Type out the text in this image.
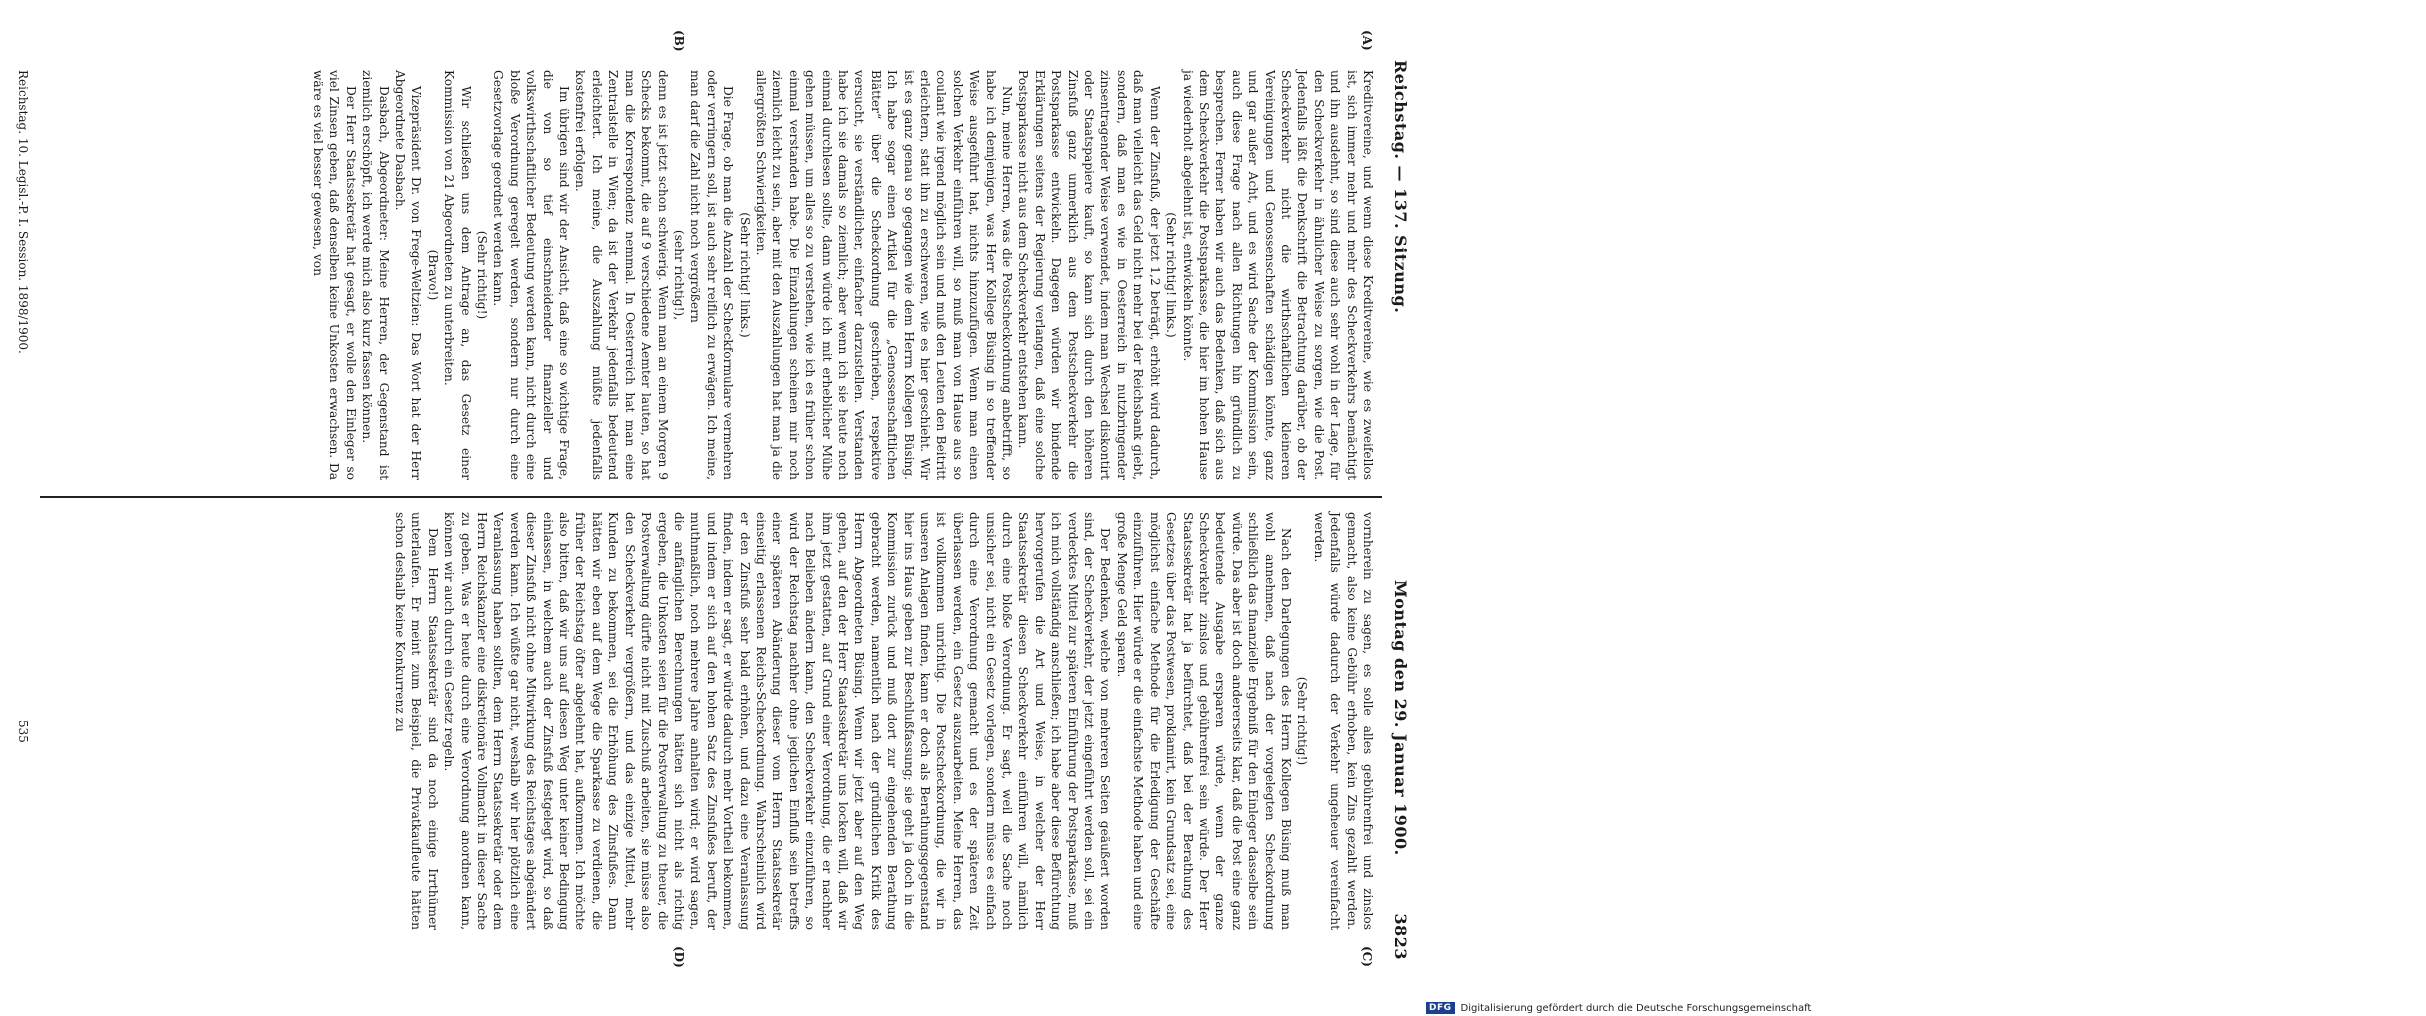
Reichstag. — 137. Sitzung.
Montag den 29. Januar 1900.
3823
(A)
(B)
(C)
(D)

Kreditvereine, und wenn diese Kreditvereine, wie es zweifellos ist, sich immer mehr und mehr des Scheckverkehrs bemächtigt und ihn ausdehnt, so sind diese auch sehr wohl in der Lage, für den Scheckverkehr in ähnlicher Weise zu sorgen, wie die Post. Jedenfalls läßt die Denkschrift die Betrachtung darüber, ob der Scheckverkehr nicht die wirthschaftlichen kleineren Vereinigungen und Genossenschaften schädigen könnte, ganz und gar außer Acht, und es wird Sache der Kommission sein, auch diese Frage nach allen Richtungen hin gründlich zu besprechen. Ferner haben wir auch das Bedenken, daß sich aus dem Scheckverkehr die Postsparkasse, die hier im hohen Hause ja wiederholt abgelehnt ist, entwickeln könnte.

(Sehr richtig! links.)

Wenn der Zinsfuß, der jetzt 1,2 beträgt, erhöht wird dadurch, daß man vielleicht das Geld nicht mehr bei der Reichsbank giebt, sondern, daß man es wie in Oesterreich in nutzbringender zinsentragender Weise verwendet, indem man Wechsel diskontirt oder Staatspapiere kauft, so kann sich durch den höheren Zinsfuß ganz unmerklich aus dem Postscheckverkehr die Postsparkasse entwickeln. Dagegen würden wir bindende Erklärungen seitens der Regierung verlangen, daß eine solche Postsparkasse nicht aus dem Scheckverkehr entstehen kann.

Nun, meine Herren, was die Postscheckordnung anbetrifft, so habe ich demjenigen, was Herr Kollege Büsing in so treffender Weise ausgeführt hat, nichts hinzuzufügen. Wenn man einen solchen Verkehr einführen will, so muß man von Hause aus so coulant wie irgend möglich sein und muß den Leuten den Beitritt erleichtern, statt ihn zu erschweren, wie es hier geschieht. Wir ist es ganz genau so gegangen wie dem Herrn Kollegen Büsing. Ich habe sogar einen Artikel für die „Genossenschaftlichen Blätter“ über die Scheckordnung geschrieben, respektive versucht, sie verständlicher, einfacher darzustellen. Verstanden habe ich sie damals so ziemlich; aber wenn ich sie heute noch einmal durchlesen sollte, dann würde ich mit erheblicher Mühe gehen müssen, um alles so zu verstehen, wie ich es früher schon einmal verstanden habe. Die Einzahlungen scheinen mir noch ziemlich leicht zu sein, aber mit den Auszahlungen hat man ja die allergrößten Schwierigkeiten.

(Sehr richtig! links.)

Die Frage, ob man die Anzahl der Scheckformulare vermehren oder verringern soll, ist auch sehr reiflich zu erwägen. Ich meine, man darf die Zahl nicht noch vergrößern

(sehr richtig!),

denn es ist jetzt schon schwierig. Wenn man an einem Morgen 9 Schecks bekommt, die auf 9 verschiedene Aemter lauten, so hat man die Korrespondenz nemmal. In Oesterreich hat man eine Zentralstelle in Wien; da ist der Verkehr jedenfalls bedeutend erleichtert. Ich meine, die Auszahlung müßte jedenfalls kostenfrei erfolgen.

Im übrigen sind wir der Ansicht, daß eine so wichtige Frage, die von so tief einschneidender finanzieller und volkswirthschaftlicher Bedeutung werden kann, nicht durch eine bloße Verordnung geregelt werden, sondern nur durch eine Gesetzvorlage geordnet werden kann.

(Sehr richtig!)

Wir schließen uns dem Antrage an, das Gesetz einer Kommission von 21 Abgeordneten zu unterbreiten.

(Bravo!)

Vizepräsident Dr. von Frege-Weltzien: Das Wort hat der Herr Abgeordnete Dasbach.

Dasbach, Abgeordneter: Meine Herren, der Gegenstand ist ziemlich erschöpft, ich werde mich also kurz fassen können.

Der Herr Staatssekretär hat gesagt, er wolle den Einleger so viel Zinsen geben, daß denselben keine Unkosten erwachsen. Da wäre es viel besser gewesen, von

vornherein zu sagen, es solle alles gebührenfrei und zinslos gemacht, also keine Gebühr erhoben, kein Zins gezahlt werden. Jedenfalls würde dadurch der Verkehr ungeheuer vereinfacht werden.

(Sehr richtig!)

Nach den Darlegungen des Herrn Kollegen Büsing muß man wohl annehmen, daß nach der vorgelegten Scheckordnung schließlich das finanzielle Ergebniß für den Einleger dasselbe sein würde. Das aber ist doch andererseits klar, daß die Post eine ganz bedeutende Ausgabe ersparen würde, wenn der ganze Scheckverkehr zinslos und gebührenfrei sein würde. Der Herr Staatssekretär hat ja befürchtet, daß bei der Berathung des Gesetzes über das Postwesen, proklamirt, kein Grundsatz sei, eine möglichst einfache Methode für die Erledigung der Geschäfte einzuführen. Hier würde er die einfachste Methode haben und eine große Menge Geld sparen.

Der Bedenken, welche von mehreren Seiten geäußert worden sind, der Scheckverkehr, der jetzt eingeführt werden soll, sei ein verdecktes Mittel zur späteren Einführung der Postsparkasse, muß ich mich vollständig anschließen; ich habe aber diese Befürchtung hervorgerufen die Art und Weise, in welcher der Herr Staatssekretär diesen Scheckverkehr einführen will, nämlich durch eine bloße Verordnung. Er sagt, weil die Sache noch unsicher sei, nicht ein Gesetz vorlegen, sondern müsse es einfach durch eine Verordnung gemacht und es der späteren Zeit überlassen werden, ein Gesetz auszuarbeiten. Meine Herren, das ist vollkommen unrichtig. Die Postscheckordnung, die wir in unseren Anlagen finden, kann er doch als Berathungsgegenstand hier ins Haus geben zur Beschlußfassung; sie geht ja doch in die Kommission zurück und muß dort zur eingehenden Berathung gebracht werden, namentlich nach der gründlichen Kritik des Herrn Abgeordneten Büsing. Wenn wir jetzt aber auf den Weg gehen, auf den der Herr Staatssekretär uns locken will, daß wir ihm jetzt gestatten, auf Grund einer Verordnung, die er nachher nach Belieben ändern kann, den Scheckverkehr einzuführen, so wird der Reichstag nachher ohne jeglichen Einfluß sein betreffs einer späteren Abänderung dieser vom Herrn Staatssekretär einseitig erlassenen Reichs-Scheckordnung. Wahrscheinlich wird er den Zinsfuß sehr bald erhöhen, und dazu eine Veranlassung finden, indem er sagt, er würde dadurch mehr Vortheil bekommen, und indem er sich auf den hohen Satz des Zinsfußes beruft, der muthmaßlich, noch mehrere Jahre anhalten wird; er wird sagen, die anfänglichen Berechnungen hätten sich nicht als richtig ergeben, die Unkosten seien für die Postverwaltung zu theuer, die Postverwaltung dürfte nicht mit Zuschuß arbeiten, sie müsse also den Scheckverkehr vergrößern, und das einzige Mittel, mehr Kunden zu bekommen, sei die Erhöhung des Zinsfußes. Dann hätten wir eben auf dem Wege die Sparkasse zu verdienen, die früher der Reichstag öfter abgelehnt hat, aufkommen. Ich möchte also bitten, daß wir uns auf diesen Weg unter keiner Bedingung einlassen, in welchem auch der Zinsfuß festgelegt wird, so daß dieser Zinsfuß nicht ohne Mitwirkung des Reichstages abgeändert werden kann. Ich wüßte gar nicht, weshalb wir hier plötzlich eine Veranlassung haben sollten, dem Herrn Staatssekretär oder dem Herrn Reichskanzler eine diskretionäre Vollmacht in dieser Sache zu geben. Was er heute durch eine Verordnung anordnen kann, können wir auch durch ein Gesetz regeln.

Dem Herrn Staatssekretär sind da noch einige Irrthümer unterlaufen. Er meint zum Beispiel, die Privatkaufleute hätten schon deshalb keine Konkurrenz zu

Reichstag. 10. Legisl.-P. I. Session. 1898/1900.
535
DFG Digitalisierung gefördert durch die Deutsche Forschungsgemeinschaft
